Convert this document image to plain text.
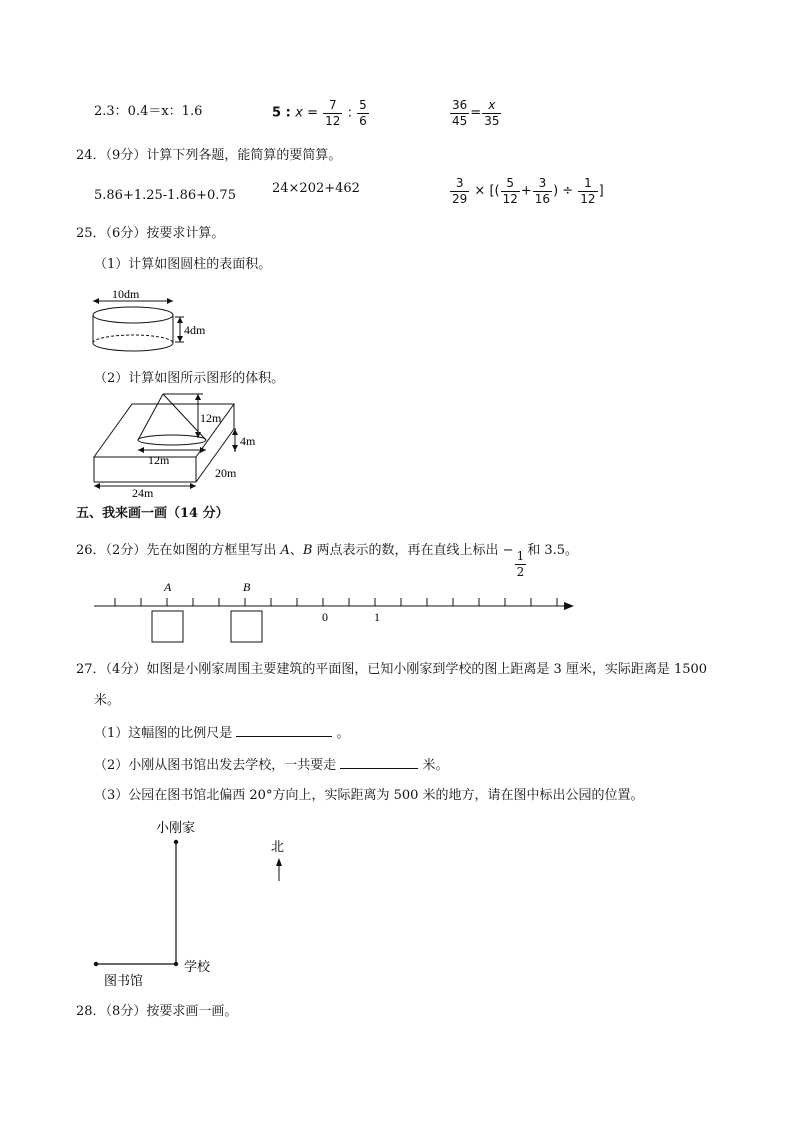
2.3：0.4＝x：1.6	5 : $x = \frac{7}{12}$ : $\frac{5}{6}$	$\frac{36}{45} = \frac{x}{35}$
24．（9分）计算下列各题，能简算的要简算。
5.86+1.25-1.86+0.75	24×202+462	$\frac{3}{29}$ × [( $\frac{5}{12} + \frac{3}{16}$ ) ÷ $\frac{1}{12}$ ]
25．（6分）按要求计算。
（1）计算如图圆柱的表面积。
10dm
4dm
（2）计算如图所示图形的体积。
12m
4m
12m
20m
24m
五、我来画一画（14 分）
26．（2分）先在如图的方框里写出 A、B 两点表示的数，再在直线上标出 − $\frac{1}{2}$ 和 3.5。
A	B
0	1
27．（4分）如图是小刚家周围主要建筑的平面图，已知小刚家到学校的图上距离是 3 厘米，实际距离是 1500
米。
（1）这幅图的比例尺是	。
（2）小刚从图书馆出发去学校，一共要走	米。
（3）公园在图书馆北偏西 20°方向上，实际距离为 500 米的地方，请在图中标出公园的位置。
小刚家
北
图书馆
学校
28．（8分）按要求画一画。
